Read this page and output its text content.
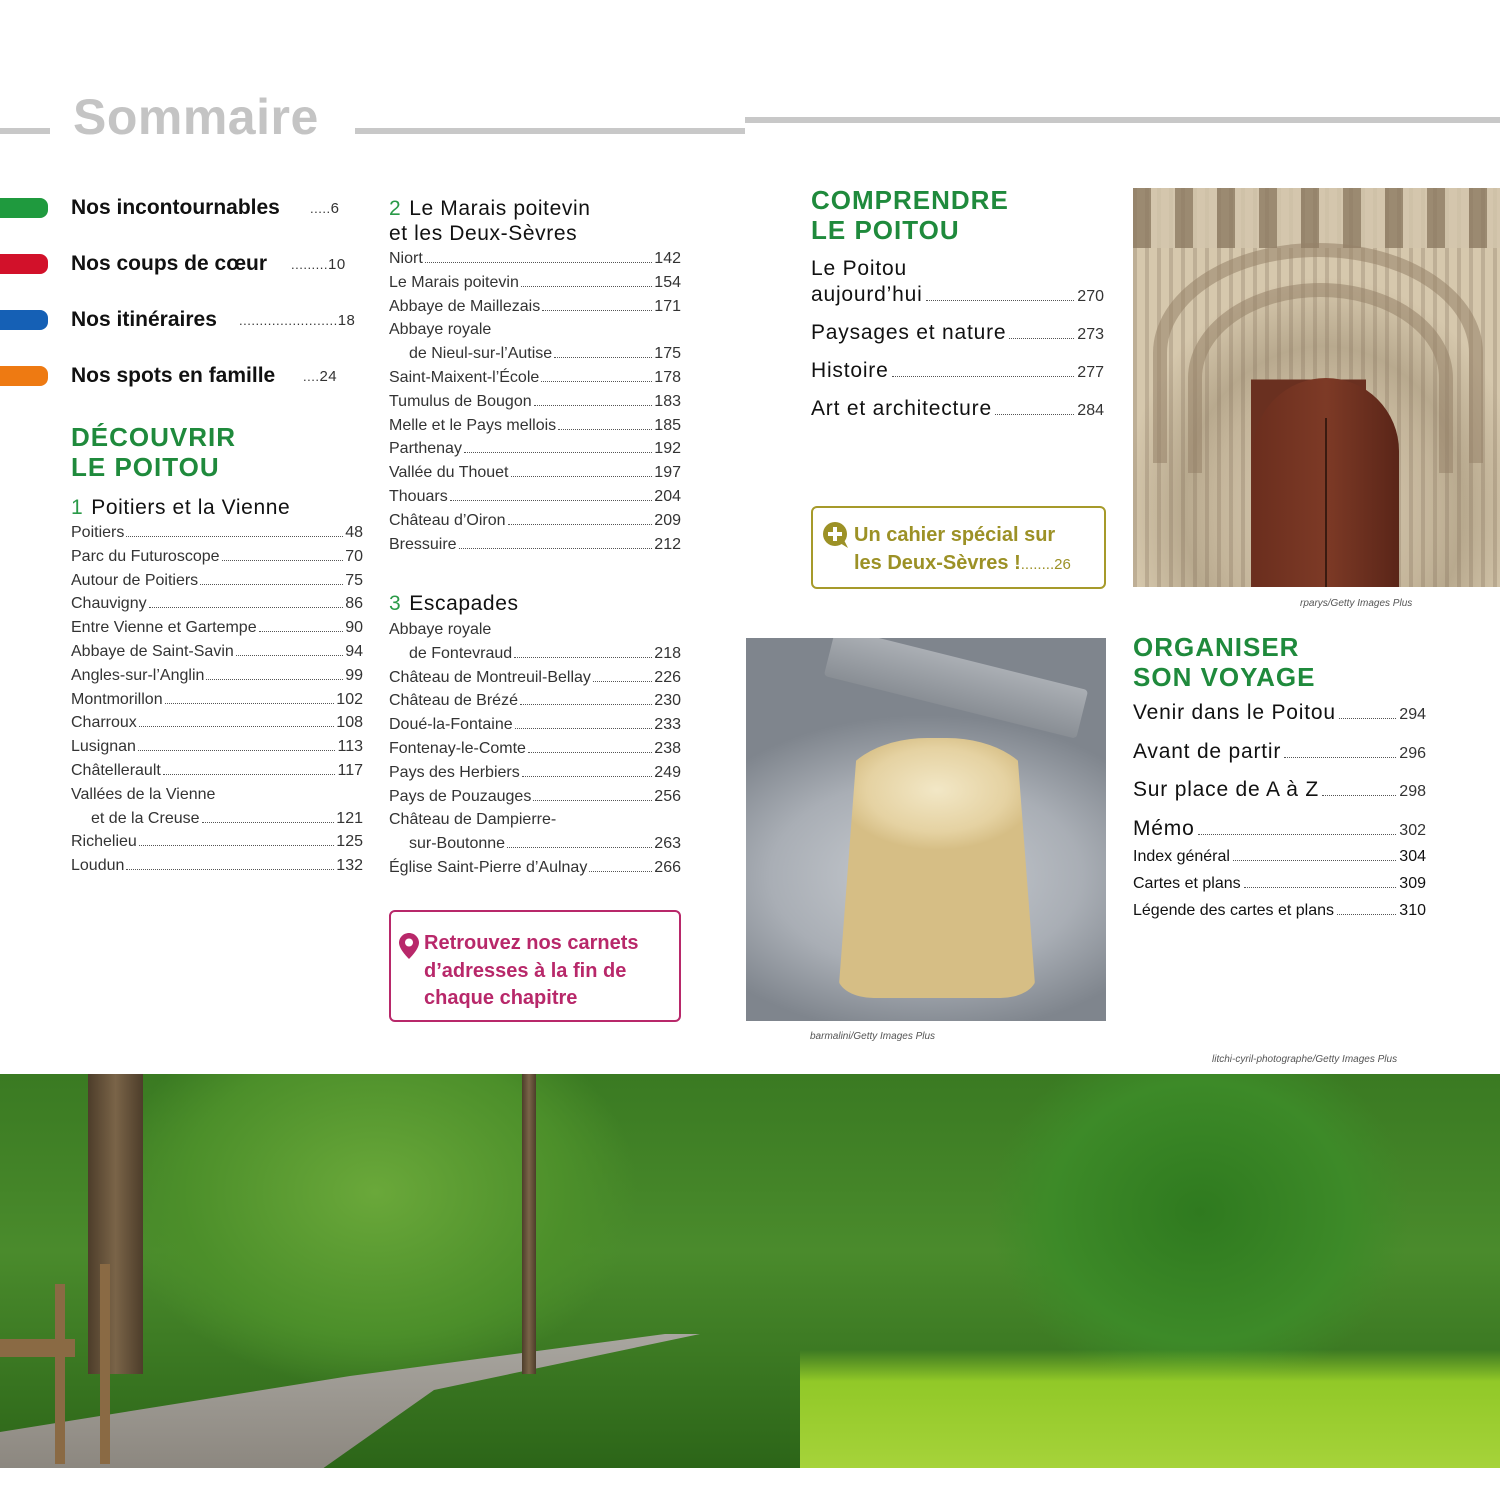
Sommaire
Nos incontournables .....6
Nos coups de cœur .........10
Nos itinéraires ........................18
Nos spots en famille ....24
DÉCOUVRIR
LE POITOU
1 Poitiers et la Vienne
Poitiers	48
Parc du Futuroscope	70
Autour de Poitiers	75
Chauvigny	86
Entre Vienne et Gartempe	90
Abbaye de Saint-Savin	94
Angles-sur-l’Anglin	99
Montmorillon	102
Charroux	108
Lusignan	113
Châtellerault	117
Vallées de la Vienne
et de la Creuse	121
Richelieu	125
Loudun	132
2 Le Marais poitevin
et les Deux-Sèvres
Niort	142
Le Marais poitevin	154
Abbaye de Maillezais	171
Abbaye royale
de Nieul-sur-l’Autise	175
Saint-Maixent-l’École	178
Tumulus de Bougon	183
Melle et le Pays mellois	185
Parthenay	192
Vallée du Thouet	197
Thouars	204
Château d’Oiron	209
Bressuire	212
3 Escapades
Abbaye royale
de Fontevraud	218
Château de Montreuil-Bellay	226
Château de Brézé	230
Doué-la-Fontaine	233
Fontenay-le-Comte	238
Pays des Herbiers	249
Pays de Pouzauges	256
Château de Dampierre-
sur-Boutonne	263
Église Saint-Pierre d’Aulnay	266
Retrouvez nos carnets
d’adresses à la fin de
chaque chapitre
COMPRENDRE
LE POITOU
Le Poitou
aujourd’hui	270
Paysages et nature	273
Histoire	277
Art et architecture	284
Un cahier spécial sur
les Deux-Sèvres !........26
rparys/Getty Images Plus
ORGANISER
SON VOYAGE
Venir dans le Poitou	294
Avant de partir	296
Sur place de A à Z	298
Mémo	302
Index général	304
Cartes et plans	309
Légende des cartes et plans	310
barmalini/Getty Images Plus
litchi-cyril-photographe/Getty Images Plus
